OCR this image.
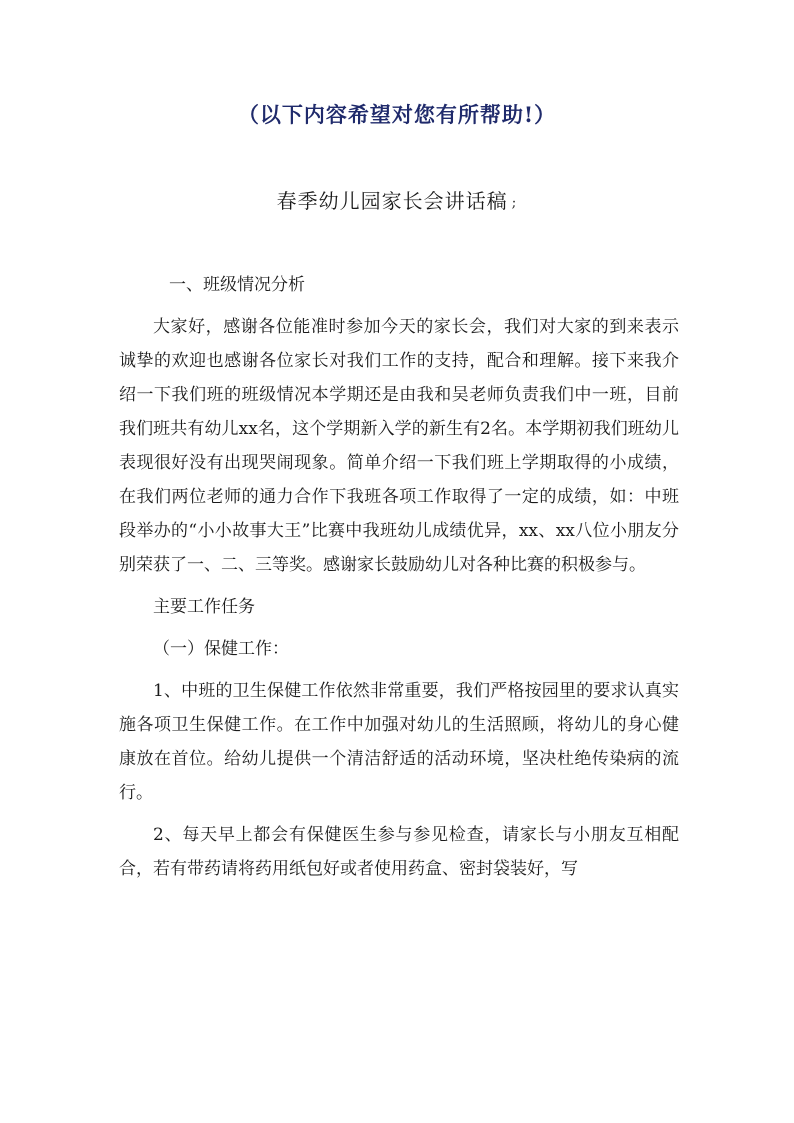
（以下内容希望对您有所帮助!）
春季幼儿园家长会讲话稿 ;

一、班级情况分析

大家好，感谢各位能准时参加今天的家长会，我们对大家的到来表示诚挚的欢迎也感谢各位家长对我们工作的支持，配合和理解。接下来我介绍一下我们班的班级情况本学期还是由我和吴老师负责我们中一班，目前我们班共有幼儿xx名，这个学期新入学的新生有2名。本学期初我们班幼儿表现很好没有出现哭闹现象。简单介绍一下我们班上学期取得的小成绩，在我们两位老师的通力合作下我班各项工作取得了一定的成绩，如：中班段举办的“小小故事大王”比赛中我班幼儿成绩优异，xx、xx八位小朋友分别荣获了一、二、三等奖。感谢家长鼓励幼儿对各种比赛的积极参与。

主要工作任务

（一）保健工作：

1、中班的卫生保健工作依然非常重要，我们严格按园里的要求认真实施各项卫生保健工作。在工作中加强对幼儿的生活照顾，将幼儿的身心健康放在首位。给幼儿提供一个清洁舒适的活动环境，坚决杜绝传染病的流行。

2、每天早上都会有保健医生参与参见检查，请家长与小朋友互相配合，若有带药请将药用纸包好或者使用药盒、密封袋装好，写
